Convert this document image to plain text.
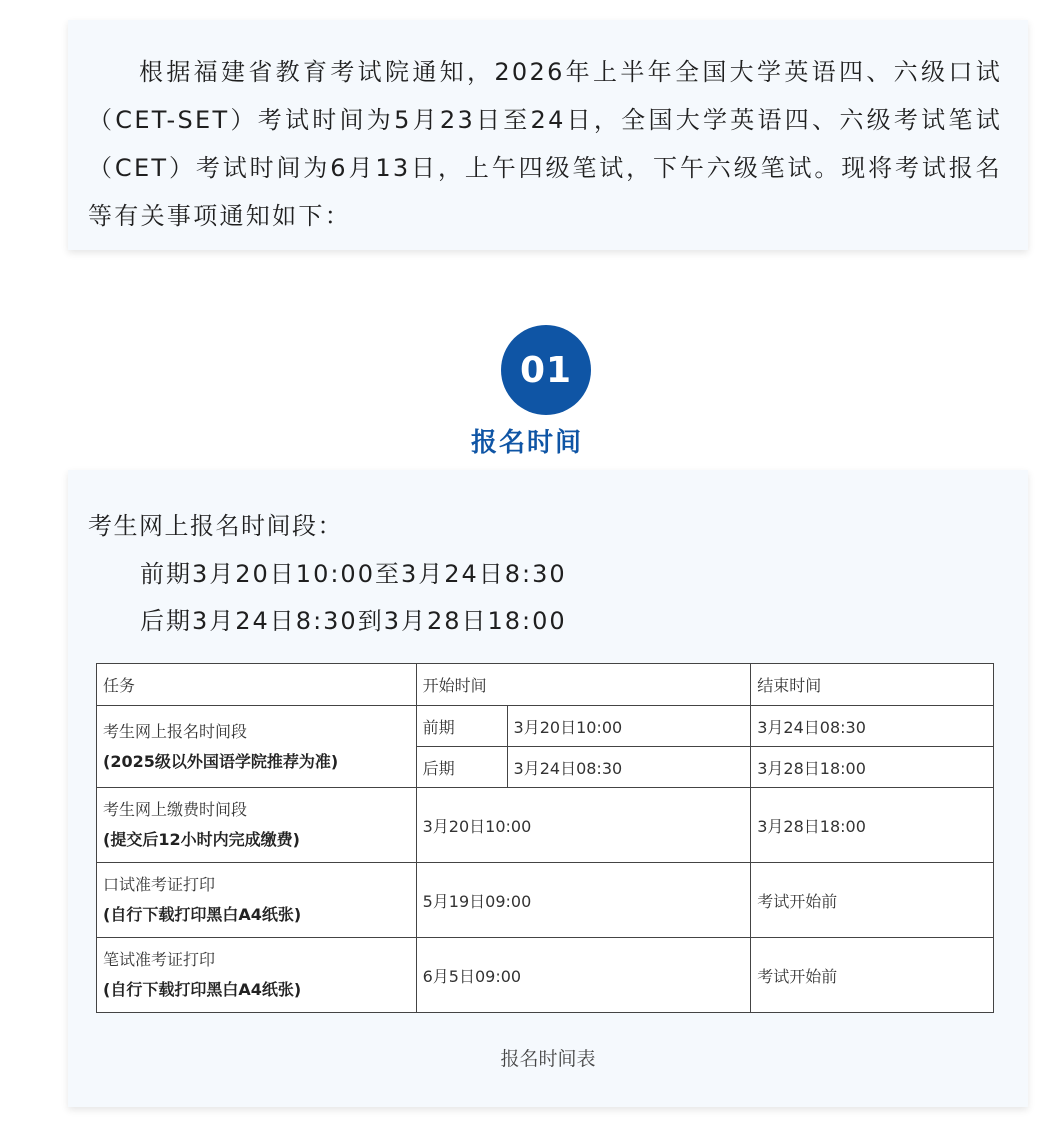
根据福建省教育考试院通知，2026年上半年全国大学英语四、六级口试（CET-SET）考试时间为5月23日至24日，全国大学英语四、六级考试笔试（CET）考试时间为6月13日，上午四级笔试，下午六级笔试。现将考试报名等有关事项通知如下：

01
报名时间
考生网上报名时间段：
前期3月20日10:00至3月24日8:30
后期3月24日8:30到3月28日18:00
任务	开始时间		结束时间

考生网上报名时间段
(2025级以外国语学院推荐为准)	前期	3月20日10:00	3月24日08:30
	后期	3月24日08:30	3月28日18:00

考生网上缴费时间段
(提交后12小时内完成缴费)	3月20日10:00		3月28日18:00

口试准考证打印
(自行下载打印黑白A4纸张)	5月19日09:00		考试开始前

笔试准考证打印
(自行下载打印黑白A4纸张)	6月5日09:00		考试开始前
报名时间表
